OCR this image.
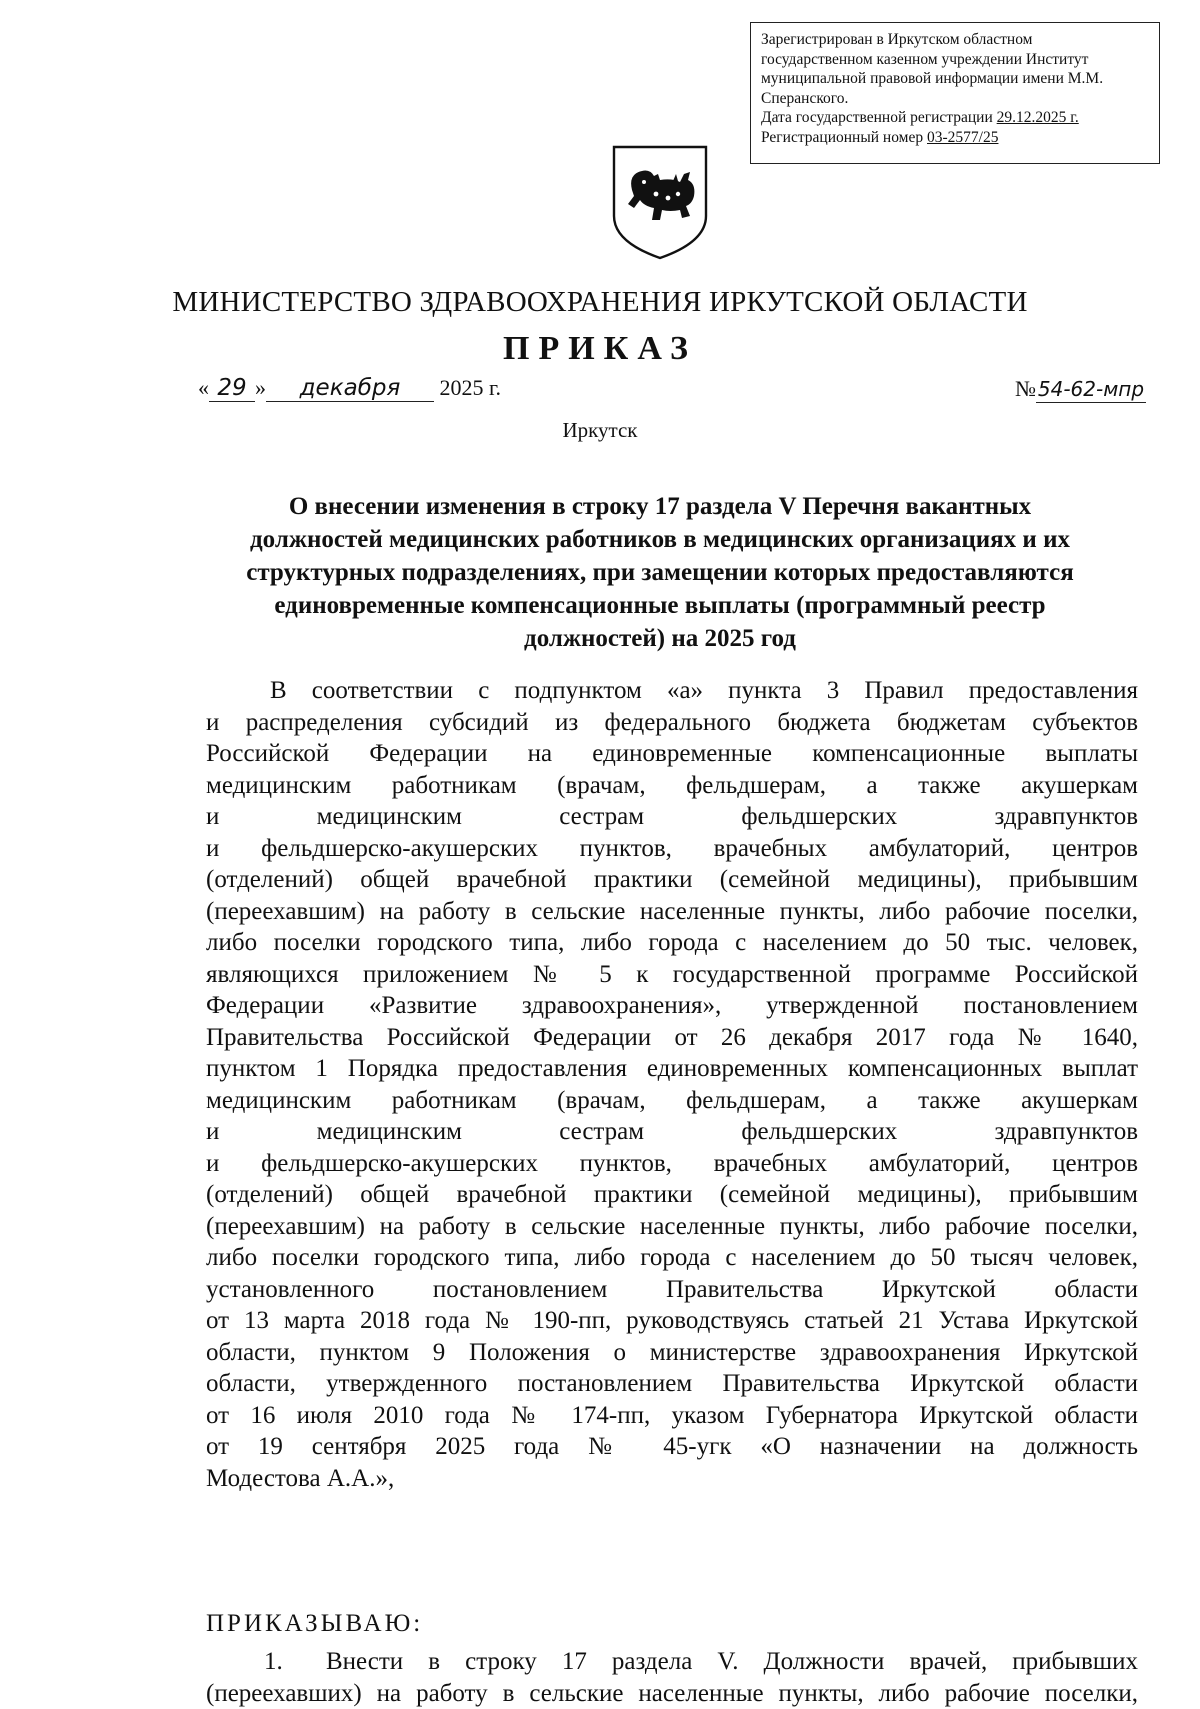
Зарегистрирован в Иркутском областном
государственном казенном учреждении Институт
муниципальной правовой информации имени М.М.
Сперанского.
Дата государственной регистрации 29.12.2025 г.
Регистрационный номер 03-2577/25
МИНИСТЕРСТВО ЗДРАВООХРАНЕНИЯ ИРКУТСКОЙ ОБЛАСТИ
ПРИКАЗ
« 29 » декабря 2025 г.	№54-62-мпр
Иркутск
О внесении изменения в строку 17 раздела V Перечня вакантных
должностей медицинских работников в медицинских организациях и их
структурных подразделениях, при замещении которых предоставляются
единовременные компенсационные выплаты (программный реестр
должностей) на 2025 год
В соответствии с подпунктом «а» пункта 3 Правил предоставления
и распределения субсидий из федерального бюджета бюджетам субъектов
Российской Федерации на единовременные компенсационные выплаты
медицинским работникам (врачам, фельдшерам, а также акушеркам
и медицинским сестрам фельдшерских здравпунктов
и фельдшерско-акушерских пунктов, врачебных амбулаторий, центров
(отделений) общей врачебной практики (семейной медицины), прибывшим
(переехавшим) на работу в сельские населенные пункты, либо рабочие поселки,
либо поселки городского типа, либо города с населением до 50 тыс. человек,
являющихся приложением № 5 к государственной программе Российской
Федерации «Развитие здравоохранения», утвержденной постановлением
Правительства Российской Федерации от 26 декабря 2017 года № 1640,
пунктом 1 Порядка предоставления единовременных компенсационных выплат
медицинским работникам (врачам, фельдшерам, а также акушеркам
и медицинским сестрам фельдшерских здравпунктов
и фельдшерско-акушерских пунктов, врачебных амбулаторий, центров
(отделений) общей врачебной практики (семейной медицины), прибывшим
(переехавшим) на работу в сельские населенные пункты, либо рабочие поселки,
либо поселки городского типа, либо города с населением до 50 тысяч человек,
установленного постановлением Правительства Иркутской области
от 13 марта 2018 года № 190-пп, руководствуясь статьей 21 Устава Иркутской
области, пунктом 9 Положения о министерстве здравоохранения Иркутской
области, утвержденного постановлением Правительства Иркутской области
от 16 июля 2010 года № 174-пп, указом Губернатора Иркутской области
от 19 сентября 2025 года № 45-угк «О назначении на должность
Модестова А.А.»,
ПРИКАЗЫВАЮ:
1.	Внести в строку 17 раздела V. Должности врачей, прибывших
(переехавших) на работу в сельские населенные пункты, либо рабочие поселки,
